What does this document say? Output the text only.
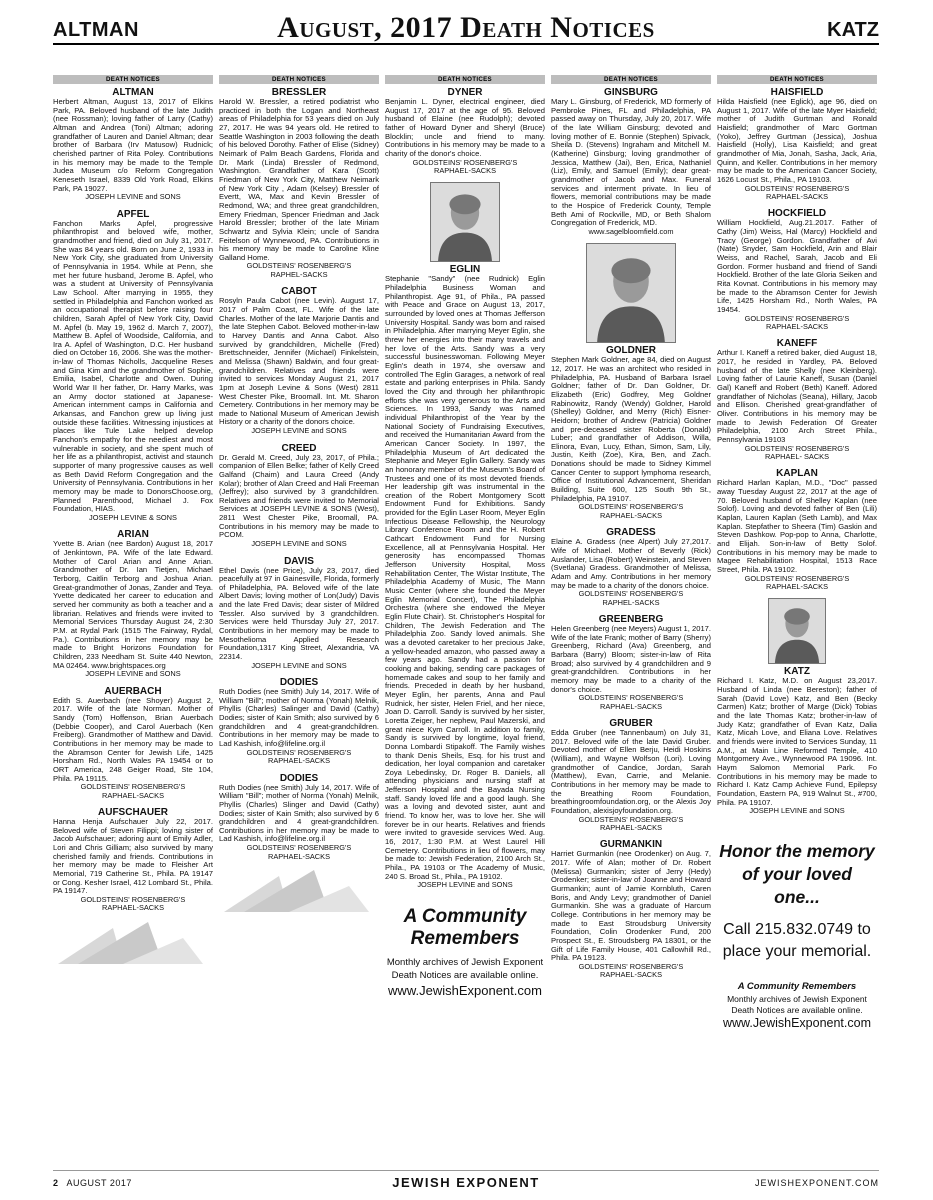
ALTMAN	August, 2017 Death Notices	KATZ
DEATH NOTICES
ALTMAN
Herbert Altman, August 13, 2017 of Elkins Park, PA. Beloved husband of the late Judith (nee Rossman); loving father of Larry (Cathy) Altman and Andrea (Toni) Altman; adoring grandfather of Lauren and Daniel Altman; dear brother of Barbara (Irv Matusow) Rudnick; cherished partner of Rita Poley. Contributions in his memory may be made to the Temple Judea Museum c/o Reform Congregation Keneseth Israel, 8339 Old York Road, Elkins Park, PA 19027.
JOSEPH LEVINE and SONS
APFEL
Fanchon Marks Apfel, progressive philanthropist and beloved wife, mother, grandmother and friend, died on July 31, 2017. She was 84 years old. Born on June 2, 1933 in New York City, she graduated from University of Pennsylvania in 1954. While at Penn, she met her future husband, Jerome B. Apfel, who was a student at University of Pennsylvania Law School. After marrying in 1955, they settled in Philadelphia and Fanchon worked as an occupational therapist before raising four children, Sarah Apfel of New York City, David M. Apfel (b. May 19, 1962 d. March 7, 2007), Matthew B. Apfel of Woodside, California, and Ira A. Apfel of Washington, D.C. Her husband died on October 16, 2006. She was the mother-in-law of Thomas Nicholls, Jacqueline Reses and Gina Kim and the grandmother of Sophie, Emilia, Isabel, Charlotte and Owen. During World War II her father, Dr. Harry Marks, was an Army doctor stationed at Japanese-American internment camps in California and Arkansas, and Fanchon grew up living just outside these facilities. Witnessing injustices at places like Tule Lake helped develop Fanchon's empathy for the neediest and most vulnerable in society, and she spent much of her life as a philanthropist, activist and staunch supporter of many progressive causes as well as Beth David Reform Congregation and the University of Pennsylvania. Contributions in her memory may be made to DonorsChoose.org, Planned Parenthood, Michael J. Fox Foundation, HIAS.
JOSEPH LEVINE & SONS
ARIAN
Yvette B. Arian (nee Bardon) August 18, 2017 of Jenkintown, PA. Wife of the late Edward. Mother of Carol Arian and Anne Arian. Grandmother of Dr. Ian Tietjen, Michael Terborg, Caitlin Terborg and Joshua Arian. Great-grandmother of Jonas, Zander and Teya. Yvette dedicated her career to education and served her community as both a teacher and a librarian. Relatives and friends were invited to Memorial Services Thursday August 24, 2:30 P.M. at Rydal Park (1515 The Fairway, Rydal, Pa.). Contributions in her memory may be made to Bright Horizons Foundation for Children, 233 Needham St. Suite 440 Newton, MA 02464. www.brightspaces.org
JOSEPH LEVINE and SONS
AUERBACH
Edith S. Auerbach (nee Shoyer) August 2, 2017. Wife of the late Norman. Mother of Sandy (Tom) Hoffenson, Brian Auerbach (Debbie Cooper), and Carol Auerbach (Ken Freiberg). Grandmother of Matthew and David. Contributions in her memory may be made to the Abramson Center for Jewish Life, 1425 Horsham Rd., North Wales PA 19454 or to ORT America, 248 Geiger Road, Ste 104, Phila. PA 19115.
GOLDSTEINS' ROSENBERG'S
RAPHAEL-SACKS
AUFSCHAUER
Hanna Henja Aufschauer July 22, 2017. Beloved wife of Steven Filippi; loving sister of Jacob Aufschauer; adoring aunt of Emily Adler, Lori and Chris Gilliam; also survived by many cherished family and friends. Contributions in her memory may be made to Fleisher Art Memorial, 719 Catherine St., Phila. PA 19147 or Cong. Kesher Israel, 412 Lombard St., Phila. PA 19147.
GOLDSTEINS' ROSENBERG'S
RAPHAEL-SACKS
DEATH NOTICES
BRESSLER
Harold W. Bressler, a retired podiatrist who practiced in both the Logan and Northeast areas of Philadelphia for 53 years died on July 27, 2017. He was 94 years old. He retired to Seattle Washington in 2003 following the death of his beloved Dorothy. Father of Elise (Sidney) Neimark of Palm Beach Gardens, Florida and Dr. Mark (Linda) Bressler of Redmond, Washington. Grandfather of Kara (Scott) Friedman of New York City, Matthew Neimark of New York City , Adam (Kelsey) Bressler of Evertt, WA, Max and Kevin Bressler of Redmond, WA; and three great grandchildren, Emery Friedman, Spencer Friedman and Jack Harold Bressler; brother of the late Miriam Schwartz and Sylvia Klein; uncle of Sandra Feitelson of Wynnewood, PA. Contributions in his memory may be made to Caroline Kline Galland Home.
GOLDSTEINS' ROSENBERG'S
RAPHEL-SACKS
CABOT
Rosyln Paula Cabot (nee Levin). August 17, 2017 of Palm Coast, FL. Wife of the late Charles. Mother of the late Marjorie Dantis and the late Stephen Cabot. Beloved mother-in-law to Harvey Dantis and Anna Cabot. Also survived by grandchildren, Michelle (Fred) Brettschneider, Jennifer (Michael) Finkelstein, and Melissa (Shawn) Baldwin, and four great-grandchildren. Relatives and friends were invited to services Monday August 21, 2017 1pm at Joseph Levine & Sons (West) 2811 West Chester Pike, Broomall. Int. Mt. Sharon Cemetery. Contributions in her memory may be made to National Museum of American Jewish History or a charity of the donors choice.
JOSEPH LEVINE and SONS
CREED
Dr. Gerald M. Creed, July 23, 2017, of Phila.; companion of Ellen Belke; father of Kelly Creed Galfand (Chaim) and Laura Creed (Andy Kolar); brother of Alan Creed and Hali Freeman (Jeffrey); also survived by 3 grandchildren. Relatives and friends were invited to Memorial Services at JOSEPH LEVINE & SONS (West), 2811 West Chester Pike, Broomall, PA. Contributions in his memory may be made to PCOM.
JOSEPH LEVINE and SONS
DAVIS
Ethel Davis (nee Price), July 23, 2017, died peacefully at 97 in Gainesville, Florida, formerly of Philadelphia, PA. Beloved wife of the late Albert Davis; loving mother of Lon(Judy) Davis and the late Fred Davis; dear sister of Mildred Tessler. Also survived by 3 grandchildren. Services were held Thursday July 27, 2017. Contributions in her memory may be made to Mesothelioma Applied Research Foundation,1317 King Street, Alexandria, VA 22314.
JOSEPH LEVINE and SONS
DODIES
Ruth Dodies (nee Smith) July 14, 2017. Wife of William "Bill"; mother of Norma (Yonah) Melnik, Phyllis (Charles) Salinger and David (Cathy) Dodies; sister of Kain Smith; also survived by 6 grandchildren and 4 great-grandchildren. Contributions in her memory may be made to Lad Kashish, info@lifeline.org.il
GOLDSTEINS' ROSENBERG'S
RAPHAEL-SACKS
DODIES
Ruth Dodies (nee Smith) July 14, 2017. Wife of William "Bill"; mother of Norma (Yonah) Melnik, Phyllis (Charles) Slinger and David (Cathy) Dodies; sister of Kain Smith; also survived by 6 grandchildren and 4 great-grandchildren. Contributions in her memory may be made to Lad Kashish, info@lifeline.org.il
GOLDSTEINS' ROSENBERG'S
RAPHAEL-SACKS
DEATH NOTICES
DYNER
Benjamin L. Dyner, electrical engineer, died August 17, 2017 at the age of 95. Beloved husband of Elaine (nee Rudolph); devoted father of Howard Dyner and Sheryl (Bruce) Blocklin; uncle and friend to many. Contributions in his memory may be made to a charity of the donor's choice.
GOLDSTEINS' ROSENBERG'S
RAPHAEL-SACKS
EGLIN
Stephanie "Sandy" (nee Rudnick) Eglin Philadelphia Business Woman and Philanthropist. Age 91, of Phila., PA passed with Peace and Grace on August 13, 2017, surrounded by loved ones at Thomas Jefferson University Hospital. Sandy was born and raised in Philadelphia. After marrying Meyer Eglin, she threw her energies into their many travels and her love of the Arts. Sandy was a very successful businesswoman. Following Meyer Eglin's death in 1974, she oversaw and controlled The Eglin Garages, a network of real estate and parking enterprises in Phila. Sandy loved the City and through her philanthropic efforts she was very generous to the Arts and Sciences. In 1993, Sandy was named individual Philanthropist of the Year by the National Society of Fundraising Executives, and received the Humanitarian Award from the American Cancer Society. In 1997, the Philadelphia Museum of Art dedicated the Stephanie and Meyer Eglin Gallery. Sandy was an honorary member of the Museum's Board of Trustees and one of its most devoted friends. Her leadership gift was instrumental in the creation of the Robert Montgomery Scott Endowment Fund for Exhibitions. Sandy provided for the Eglin Laser Room, Meyer Eglin Infectious Disease Fellowship, the Neurology Library Conference Room and the H. Robert Cathcart Endowment Fund for Nursing Excellence, all at Pennsylvania Hospital. Her generosity has encompassed Thomas Jefferson University Hospital, Moss Rehabilitation Center, The Wistar Institute, The Philadelphia Academy of Music, The Mann Music Center (where she founded the Meyer Eglin Memorial Concert), The Philadelphia Orchestra (where she endowed the Meyer Eglin Flute Chair). St. Christopher's Hospital for Children, The Jewish Federation and The Philadelphia Zoo. Sandy loved animals. She was a devoted caretaker to her precious Jake, a yellow-headed amazon, who passed away a few years ago. Sandy had a passion for cooking and baking, sending care packages of homemade cakes and soup to her family and friends. Preceded in death by her husband, Meyer Eglin, her parents, Anna and Paul Rudnick, her sister, Helen Friel, and her niece, Joan D. Carroll. Sandy is survived by her sister, Loretta Zeiger, her nephew, Paul Mazerski, and great niece Kym Carroll. In addition to family, Sandy is survived by longtime, loyal friend, Donna Lombardi Stipakoff. The Family wishes to thank Denis Sheils, Esq. for his trust and dedication, her loyal companion and caretaker Zoya Lebedinsky, Dr. Roger B. Daniels, all attending physicians and nursing staff at Jefferson Hospital and the Bayada Nursing staff. Sandy loved life and a good laugh. She was a loving and devoted sister, aunt and friend. To know her, was to love her. She will forever be in our hearts. Relatives and friends were invited to graveside services Wed. Aug. 16, 2017, 1:30 P.M. at West Laurel Hill Cemetery. Contributions in lieu of flowers, may be made to: Jewish Federation, 2100 Arch St., Phila., PA 19103 or The Academy of Music, 240 S. Broad St., Phila., PA 19102.
JOSEPH LEVINE and SONS
A Community Remembers
Monthly archives of Jewish Exponent Death Notices are available online.
www.JewishExponent.com
DEATH NOTICES
GINSBURG
Mary L. Ginsburg, of Frederick, MD formerly of Pembroke Pines, FL and Philadelphia, PA passed away on Thursday, July 20, 2017. Wife of the late William Ginsburg; devoted and loving mother of E. Bonnie (Stephen) Spivack, Sheila D. (Stevens) Ingraham and Mitchell M. (Katherine) Ginsburg; loving grandmother of Jessica, Matthew (Jai), Ben, Erica, Nathaniel (Liz), Emily, and Samuel (Emily); dear great-grandmother of Jacob and Max. Funeral services and interment private. In lieu of flowers, memorial contributions may be made to the Hospice of Frederick County, Temple Beth Ami of Rockville, MD, or Beth Shalom Congregation of Frederick, MD.
www.sagelbloomfield.com
GOLDNER
Stephen Mark Goldner, age 84, died on August 12, 2017. He was an architect who resided in Philadelphia, PA. Husband of Barbara Israel Goldner; father of Dr. Dan Goldner, Dr. Elizabeth (Eric) Godfrey, Meg Goldner Rabinowitz, Randy (Wendy) Goldner, Harold (Shelley) Goldner, and Merry (Rich) Eisner-Heidorn; brother of Andrew (Patricia) Goldner and pre-deceased sister Roberta (Donald) Luber; and grandfather of Addison, Willa, Elinora, Evan, Lucy, Ethan, Simon, Sam, Lily, Justin, Keith (Zoe), Kira, Ben, and Zach. Donations should be made to Sidney Kimmel Cancer Center to support lymphoma research, Office of Institutional Advancement, Sheridan Building, Suite 600, 125 South 9th St., Philadelphia, PA 19107.
GOLDSTEINS' ROSENBERG'S
RAPHAEL-SACKS
GRADESS
Elaine A. Gradess (nee Alpert) July 27,2017. Wife of Michael. Mother of Beverly (Rick) Auslander, Lisa (Robert) Weinstein, and Steven (Svetlana) Gradess. Grandmother of Melissa, Adam and Amy. Contributions in her memory may be made to a charity of the donors choice.
GOLDSTEINS' ROSENBERG'S
RAPHEL-SACKS
GREENBERG
Helen Greenberg (nee Meyers) August 1, 2017. Wife of the late Frank; mother of Barry (Sherry) Greenberg, Richard (Ava) Greenberg, and Barbara (Barry) Bloom; sister-in-law of Rita Broad; also survived by 4 grandchildren and 9 great-grandchildren. Contributions in her memory may be made to a charity of the donor's choice.
GOLDSTEINS' ROSENBERG'S
RAPHAEL-SACKS
GRUBER
Edda Gruber (nee Tannenbaum) on July 31, 2017. Beloved wife of the late David Gruber. Devoted mother of Ellen Berju, Heidi Hoskins (William), and Wayne Wolfson (Lori). Loving grandmother of Candice, Jordan, Sarah (Matthew), Evan, Carrie, and Melanie. Contributions in her memory may be made to the Breathing Room Foundation, breathingroomfoundation.org, or the Alexis Joy Foundation, alexisjoyfoundation.org.
GOLDSTEINS' ROSENBERG'S
RAPHAEL-SACKS
GURMANKIN
Harriet Gurmankin (nee Orodenker) on Aug. 7, 2017. Wife of Alan; mother of Dr. Robert (Melissa) Gurmankin; sister of Jerry (Hedy) Orodenker; sister-in-law of Joanne and Howard Gurmankin; aunt of Jamie Kornbluth, Caren Boris, and Andy Levy; grandmother of Daniel Gurmankin. She was a graduate of Harcum College. Contributions in her memory may be made to East Stroudsburg University Foundation, Colin Orodenker Fund, 200 Prospect St., E. Stroudsberg PA 18301, or the Gift of Life Family House, 401 Callowhill Rd., Phila. PA 19123.
GOLDSTEINS' ROSENBERG'S
RAPHAEL-SACKS
DEATH NOTICES
HAISFIELD
Hilda Haisfield (nee Eglick), age 96, died on August 1, 2017. Wife of the late Myer Haisfield; mother of Judith Gurtman and Ronald Haisfield; grandmother of Marc Gortman (Yoko), Jeffrey Gurtman (Jessica), Joshua Haisfield (Holly), Lisa Kaisfield; and great grandmother of Mia, Jonah, Sasha, Jack, Aria, Quinn, and Keller. Contributions in her memory may be made to the American Cancer Society, 1626 Locust St., Phila., PA 19103.
GOLDSTEINS' ROSENBERG'S
RAPHAEL-SACKS
HOCKFIELD
William Hockfield, Aug.21.2017. Father of Cathy (Jim) Weiss, Hal (Marcy) Hockfield and Tracy (George) Gordon. Grandfather of Avi (Nate) Snyder, Sam Hockfield, Arin and Blair Weiss, and Rachel, Sarah, Jacob and Eli Gordon. Former husband and friend of Sandi Hockfield. Brother of the late Gloria Seiken and Rita Kovnat. Contributions in his memory may be made to the Abramson Center for Jewish Life, 1425 Horsham Rd., North Wales, PA 19454.
GOLDSTEINS' ROSENBERG'S
RAPHAEL-SACKS
KANEFF
Arthur I. Kaneff a retired baker, died August 18, 2017, he resided in Yardley, PA. Beloved husband of the late Shelly (nee Kleinberg). Loving father of Laurie Kaneff, Susan (Daniel Gal) Kaneff and Robert (Beth) Kaneff. Adored grandfather of Nicholas (Seana), Hillary, Jacob and Ellison. Cherished great-grandfather of Oliver. Contributions in his memory may be made to Jewish Federation Of Greater Philadelphia, 2100 Arch Street Phila., Pennsylvania 19103
GOLDSTEINS' ROSENBERG'S
RAPHAEL- SACKS
KAPLAN
Richard Harlan Kaplan, M.D., "Doc" passed away Tuesday August 22, 2017 at the age of 70. Beloved husband of Shelley Kaplan (nee Solof). Loving and devoted father of Ben (Lili) Kaplan, Lauren Kaplan (Seth Lamb), and Max Kaplan. Stepfather to Sheera (Tim) Gaskin and Steven Dashkow. Pop-pop to Anna, Charlotte, and Elijah. Son-in-law of Betty Solof. Contributions in his memory may be made to Magee Rehabilitation Hospital, 1513 Race Street, Phila. PA 19102.
GOLDSTEINS' ROSENBERG'S
RAPHAEL-SACKS
KATZ
Richard I. Katz, M.D. on August 23,2017. Husband of Linda (nee Bereston); father of Sarah (David Love) Katz, and Ben (Becky Carmen) Katz; brother of Marge (Dick) Tobias and the late Thomas Katz; brother-in-law of Judy Katz; grandfather of Evan Katz, Dalia Katz, Micah Love, and Eliana Love. Relatives and friends were invited to Services Sunday, 11 A.M., at Main Line Reformed Temple, 410 Montgomery Ave., Wynnewood PA 19096. Int. Haym Salomon Memorial Park. Fo Contributions in his memory may be made to Richard I. Katz Camp Achieve Fund, Epilepsy Foundation, Eastern PA, 919 Walnut St., #700, Phila. PA 19107.
JOSEPH LEVINE and SONS
Honor the memory of your loved one...
Call 215.832.0749 to place your memorial.
A Community Remembers
Monthly archives of Jewish Exponent Death Notices are available online.
www.JewishExponent.com
2 AUGUST 2017	JEWISH EXPONENT	JEWISHEXPONENT.COM
